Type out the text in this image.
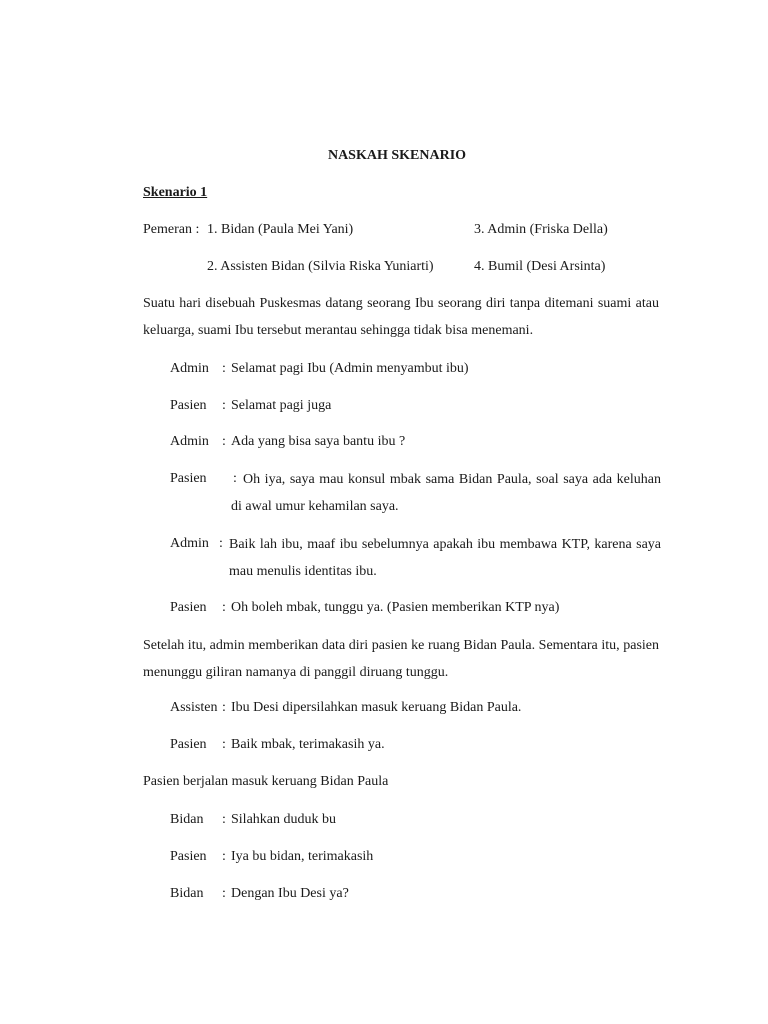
NASKAH SKENARIO
Skenario 1
Pemeran : 1. Bidan (Paula Mei Yani)	3. Admin (Friska Della)
2. Assisten Bidan (Silvia Riska Yuniarti)	4. Bumil (Desi Arsinta)
Suatu hari disebuah Puskesmas datang seorang Ibu seorang diri tanpa ditemani suami atau keluarga, suami Ibu tersebut merantau sehingga tidak bisa menemani.
Admin : Selamat pagi Ibu (Admin menyambut ibu)
Pasien : Selamat pagi juga
Admin : Ada yang bisa saya bantu ibu ?
Pasien : Oh iya, saya mau konsul mbak sama Bidan Paula, soal saya ada keluhan di awal umur kehamilan saya.
Admin : Baik lah ibu, maaf ibu sebelumnya apakah ibu membawa KTP, karena saya mau menulis identitas ibu.
Pasien : Oh boleh mbak, tunggu ya. (Pasien memberikan KTP nya)
Setelah itu, admin memberikan data diri pasien ke ruang Bidan Paula. Sementara itu, pasien menunggu giliran namanya di panggil diruang tunggu.
Assisten : Ibu Desi dipersilahkan masuk keruang Bidan Paula.
Pasien : Baik mbak, terimakasih ya.
Pasien berjalan masuk keruang Bidan Paula
Bidan : Silahkan duduk bu
Pasien : Iya bu bidan, terimakasih
Bidan : Dengan Ibu Desi ya?
